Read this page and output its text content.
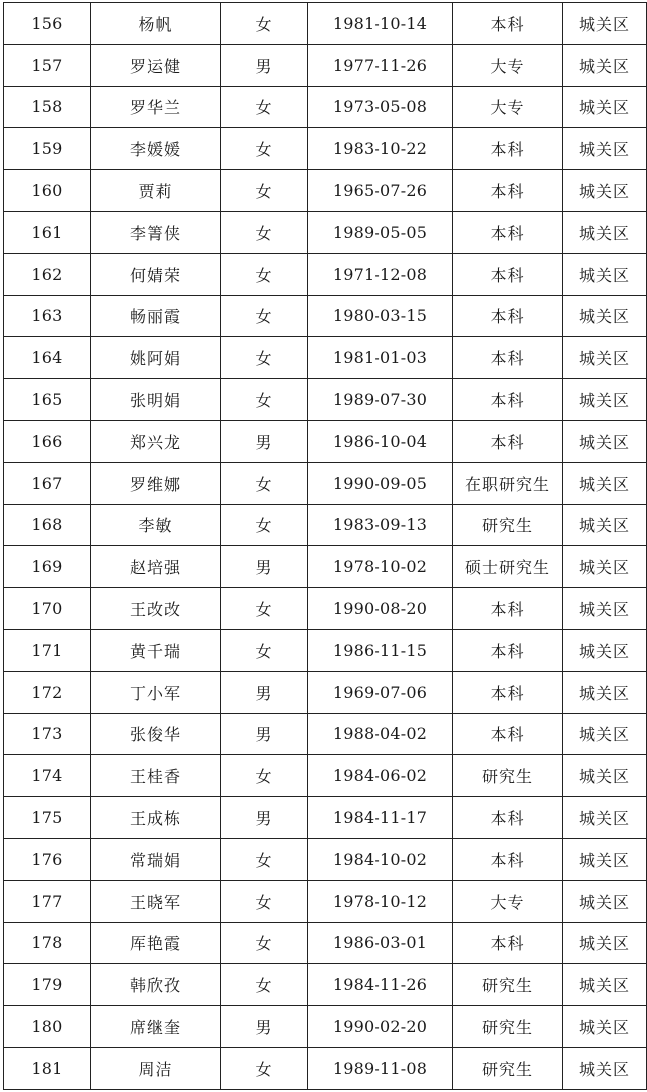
156	杨帆	女	1981-10-14	本科	城关区
157	罗运健	男	1977-11-26	大专	城关区
158	罗华兰	女	1973-05-08	大专	城关区
159	李媛媛	女	1983-10-22	本科	城关区
160	贾莉	女	1965-07-26	本科	城关区
161	李箐侠	女	1989-05-05	本科	城关区
162	何婧荣	女	1971-12-08	本科	城关区
163	畅丽霞	女	1980-03-15	本科	城关区
164	姚阿娟	女	1981-01-03	本科	城关区
165	张明娟	女	1989-07-30	本科	城关区
166	郑兴龙	男	1986-10-04	本科	城关区
167	罗维娜	女	1990-09-05	在职研究生	城关区
168	李敏	女	1983-09-13	研究生	城关区
169	赵培强	男	1978-10-02	硕士研究生	城关区
170	王改改	女	1990-08-20	本科	城关区
171	黄千瑞	女	1986-11-15	本科	城关区
172	丁小军	男	1969-07-06	本科	城关区
173	张俊华	男	1988-04-02	本科	城关区
174	王桂香	女	1984-06-02	研究生	城关区
175	王成栋	男	1984-11-17	本科	城关区
176	常瑞娟	女	1984-10-02	本科	城关区
177	王晓军	女	1978-10-12	大专	城关区
178	厍艳霞	女	1986-03-01	本科	城关区
179	韩欣孜	女	1984-11-26	研究生	城关区
180	席继奎	男	1990-02-20	研究生	城关区
181	周洁	女	1989-11-08	研究生	城关区
